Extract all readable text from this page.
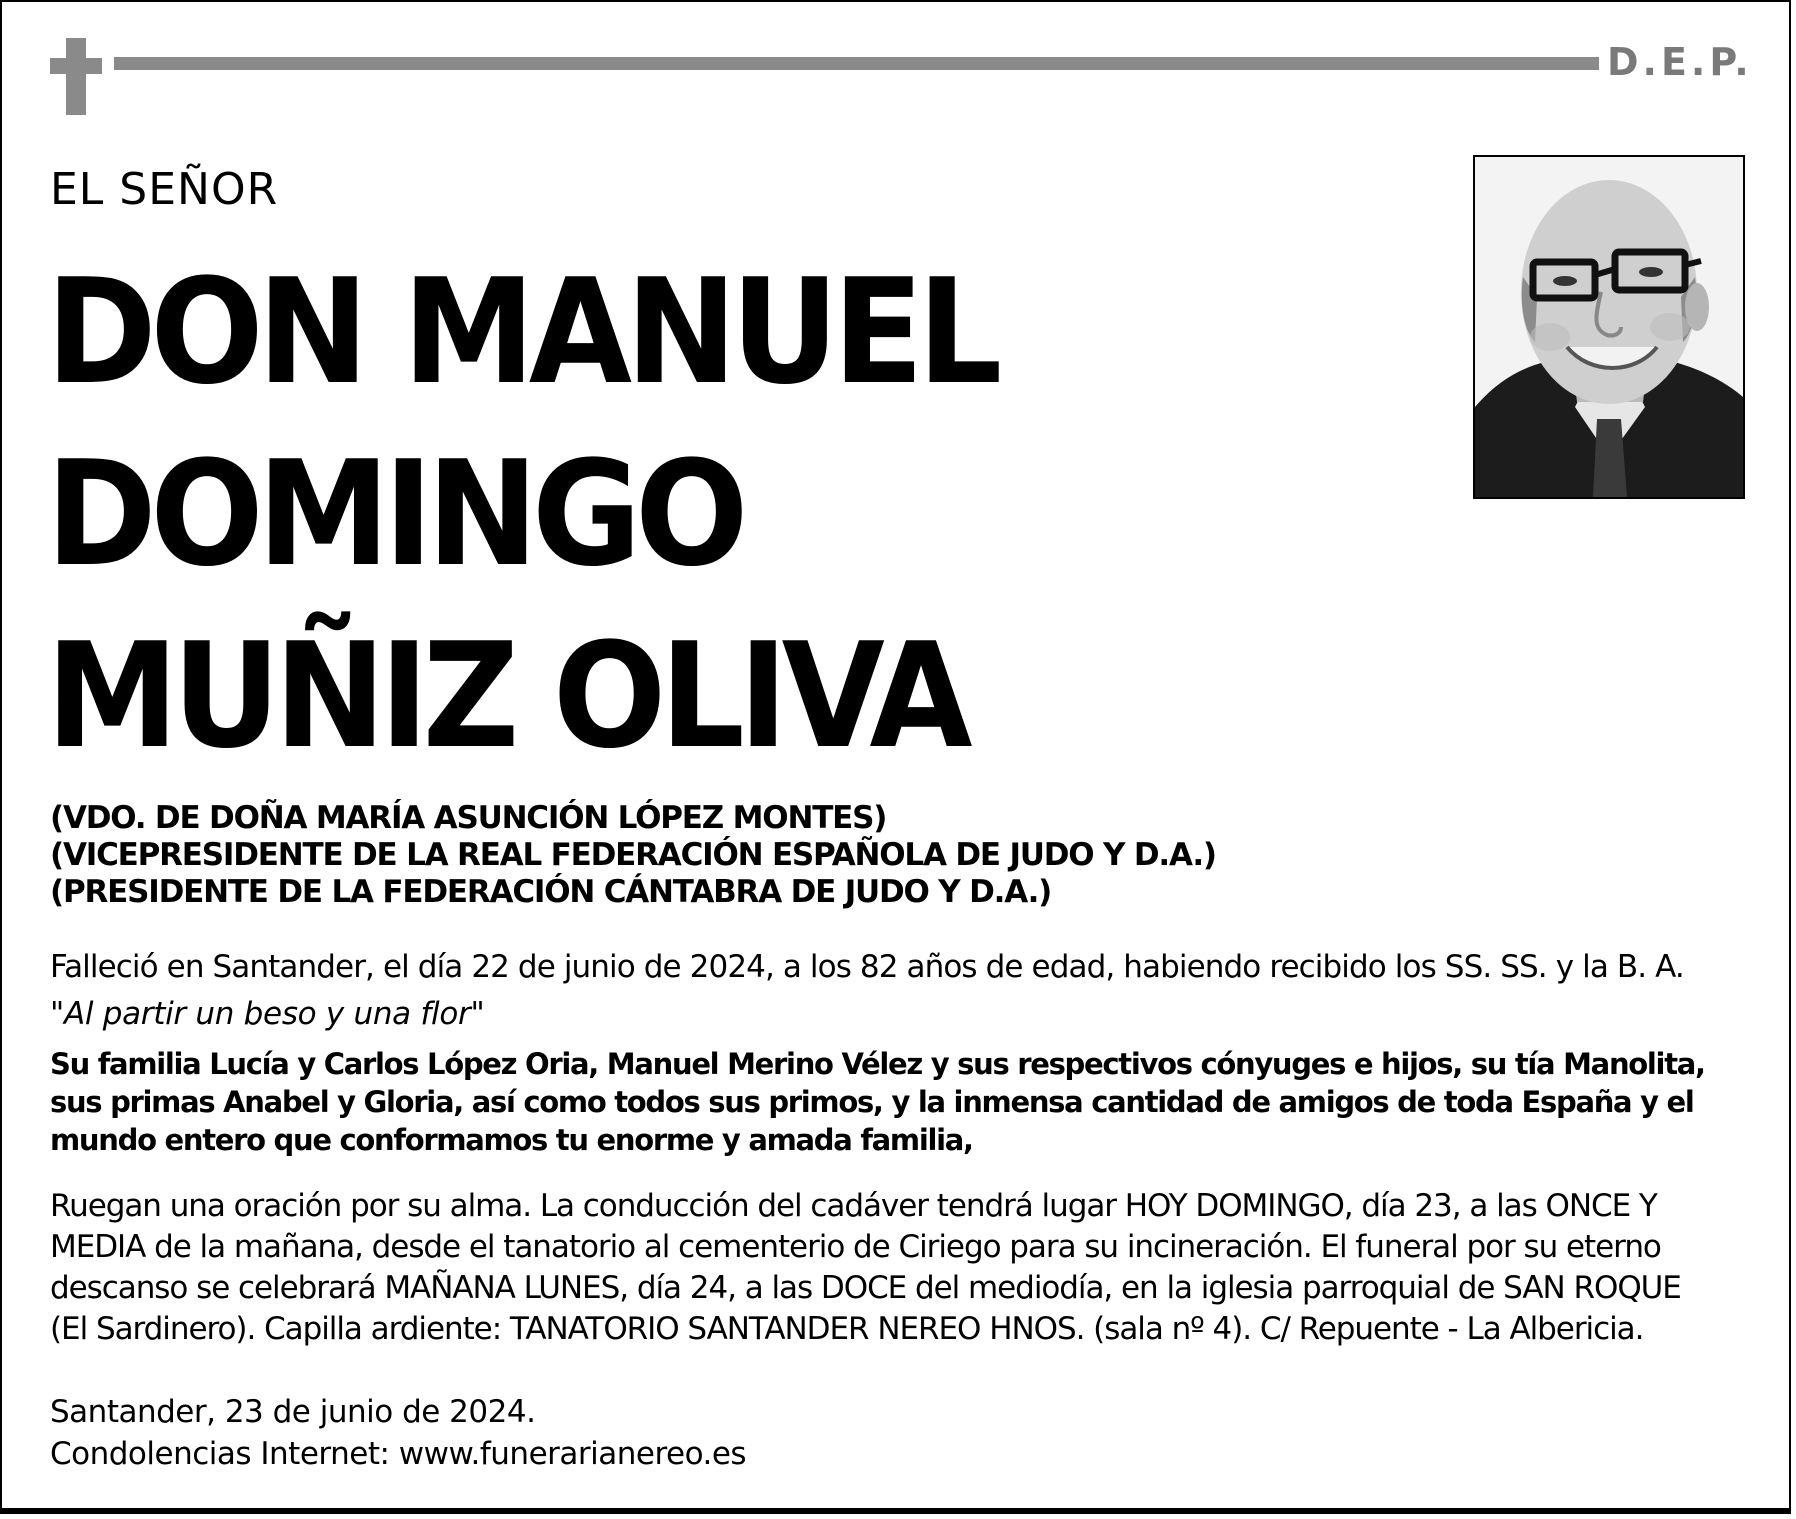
D.E.P.
EL SEÑOR
DON MANUEL
DOMINGO
MUÑIZ OLIVA
(VDO. DE DOÑA MARÍA ASUNCIÓN LÓPEZ MONTES)
(VICEPRESIDENTE DE LA REAL FEDERACIÓN ESPAÑOLA DE JUDO Y D.A.)
(PRESIDENTE DE LA FEDERACIÓN CÁNTABRA DE JUDO Y D.A.)
Falleció en Santander, el día 22 de junio de 2024, a los 82 años de edad, habiendo recibido los SS. SS. y la B. A.
"Al partir un beso y una flor"
Su familia Lucía y Carlos López Oria, Manuel Merino Vélez y sus respectivos cónyuges e hijos, su tía Manolita,
sus primas Anabel y Gloria, así como todos sus primos, y la inmensa cantidad de amigos de toda España y el
mundo entero que conformamos tu enorme y amada familia,
Ruegan una oración por su alma. La conducción del cadáver tendrá lugar HOY DOMINGO, día 23, a las ONCE Y
MEDIA de la mañana, desde el tanatorio al cementerio de Ciriego para su incineración. El funeral por su eterno
descanso se celebrará MAÑANA LUNES, día 24, a las DOCE del mediodía, en la iglesia parroquial de SAN ROQUE
(El Sardinero). Capilla ardiente: TANATORIO SANTANDER NEREO HNOS. (sala nº 4). C/ Repuente - La Albericia.
Santander, 23 de junio de 2024.
Condolencias Internet: www.funerarianereo.es
